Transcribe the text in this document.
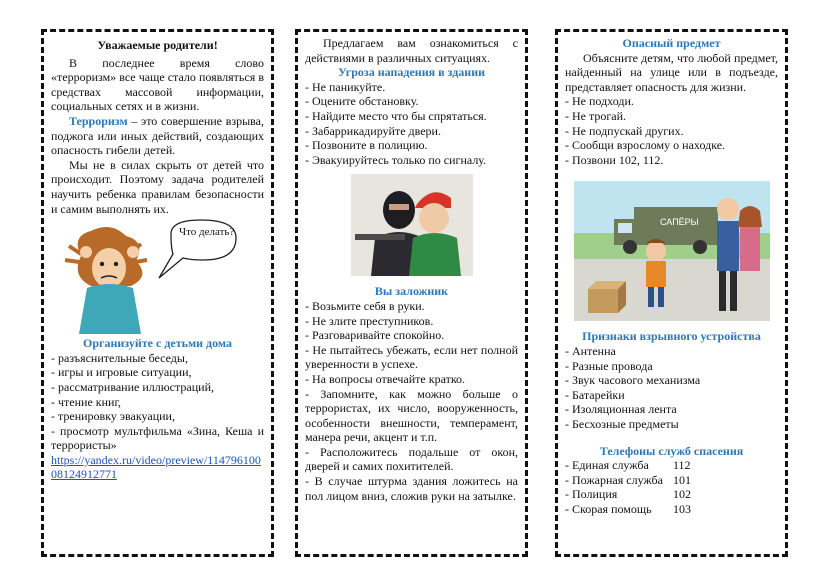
Уважаемые родители!

В последнее время слово «терроризм» все чаще стало появляться в средствах массовой информации, социальных сетях и в жизни.

Терроризм – это совершение взрыва, поджога или иных действий, создающих опасность гибели детей.

Мы не в силах скрыть от детей что происходит. Поэтому задача родителей научить ребенка правилам безопасности и самим выполнять их.

Что делать?

Организуйте с детьми дома

- разъяснительные беседы,

- игры и игровые ситуации,

- рассматривание иллюстраций,

- чтение книг,

- тренировку эвакуации,

- просмотр мультфильма «Зина, Кеша и террористы»

https://yandex.ru/video/preview/11479610008124912771

Предлагаем вам ознакомиться с действиями в различных ситуациях.

Угроза нападения в здании

- Не паникуйте.

- Оцените обстановку.

- Найдите место что бы спрятаться.

- Забаррикадируйте двери.

- Позвоните в полицию.

- Эвакуируйтесь только по сигналу.

Вы заложник

- Возьмите себя в руки.

- Не злите преступников.

- Разговаривайте спокойно.

- Не пытайтесь убежать, если нет полной уверенности в успехе.

- На вопросы отвечайте кратко.

- Запомните, как можно больше о террористах, их число, вооруженность, особенности внешности, темперамент, манера речи, акцент и т.п.

- Расположитесь подальше от окон, дверей и самих похитителей.

- В случае штурма здания ложитесь на пол лицом вниз, сложив руки на затылке.

Опасный предмет

Объясните детям, что любой предмет, найденный на улице или в подъезде, представляет опасность для жизни.

- Не подходи.

- Не трогай.

- Не подпускай других.

- Сообщи взрослому о находке.

- Позвони 102, 112.

САПЁРЫ

Признаки взрывного устройства

- Антенна

- Разные провода

- Звук часового механизма

- Батарейки

- Изоляционная лента

- Бесхозные предметы

Телефоны служб спасения

- Единая служба	112
- Пожарная служба 101
- Полиция	102
- Скорая помощь	103
